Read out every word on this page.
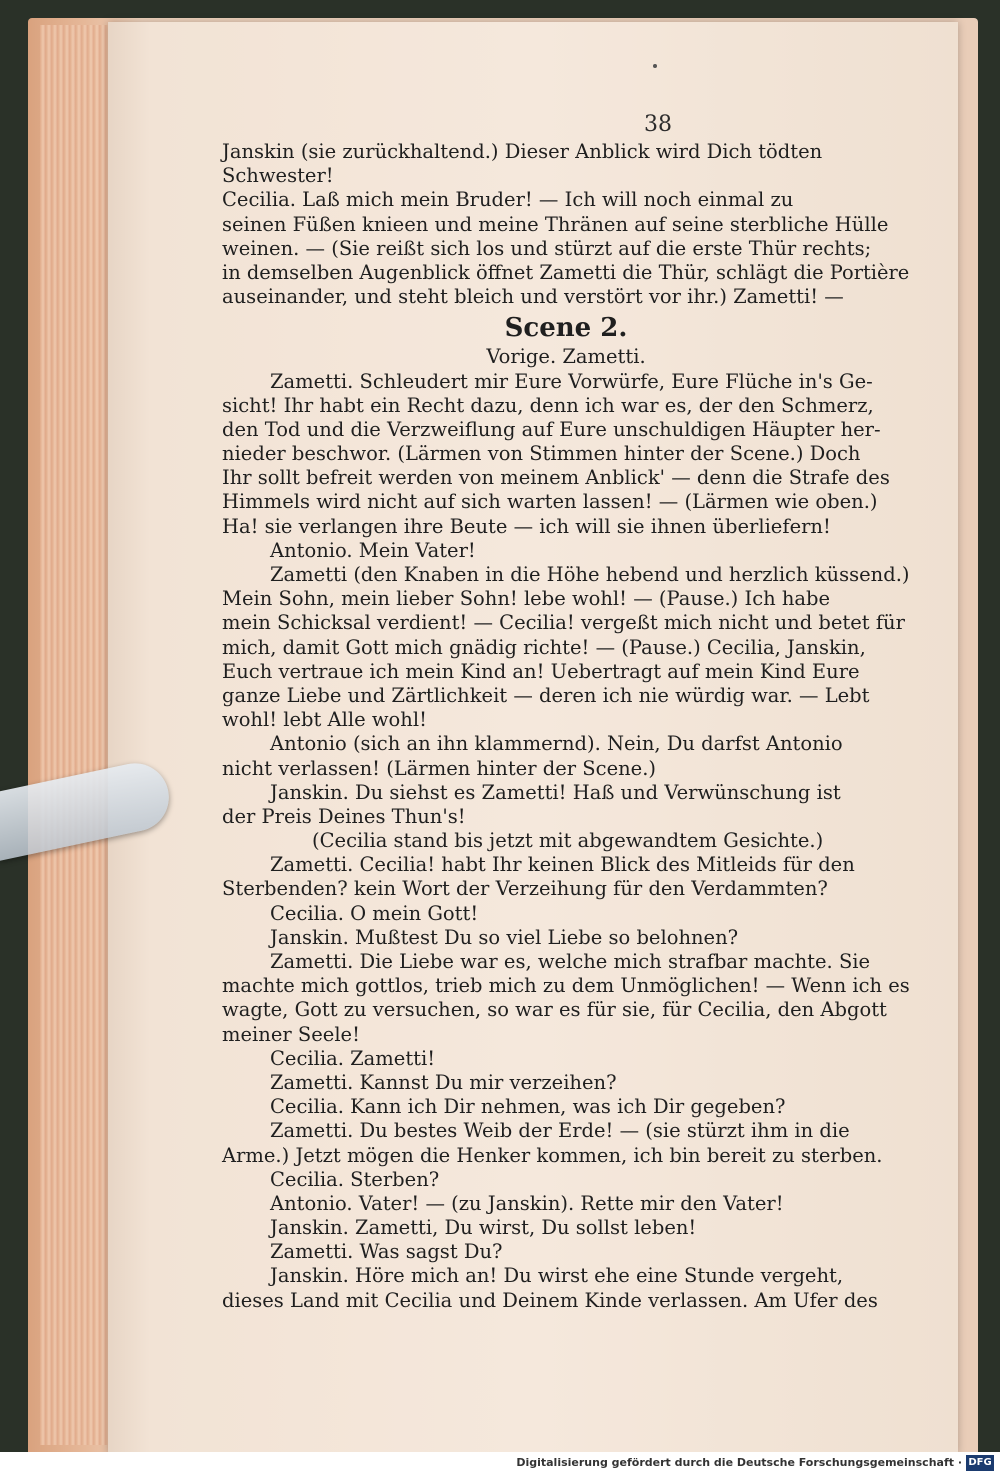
38
Janskin (sie zurückhaltend.) Dieser Anblick wird Dich tödten
Schwester!
Cecilia. Laß mich mein Bruder! — Ich will noch einmal zu
seinen Füßen knieen und meine Thränen auf seine sterbliche Hülle
weinen. — (Sie reißt sich los und stürzt auf die erste Thür rechts;
in demselben Augenblick öffnet Zametti die Thür, schlägt die Portière
auseinander, und steht bleich und verstört vor ihr.) Zametti! —
Scene 2.
Vorige. Zametti.
Zametti. Schleudert mir Eure Vorwürfe, Eure Flüche in's Ge-
sicht! Ihr habt ein Recht dazu, denn ich war es, der den Schmerz,
den Tod und die Verzweiflung auf Eure unschuldigen Häupter her-
nieder beschwor. (Lärmen von Stimmen hinter der Scene.) Doch
Ihr sollt befreit werden von meinem Anblick' — denn die Strafe des
Himmels wird nicht auf sich warten lassen! — (Lärmen wie oben.)
Ha! sie verlangen ihre Beute — ich will sie ihnen überliefern!
Antonio. Mein Vater!
Zametti (den Knaben in die Höhe hebend und herzlich küssend.)
Mein Sohn, mein lieber Sohn! lebe wohl! — (Pause.) Ich habe
mein Schicksal verdient! — Cecilia! vergeßt mich nicht und betet für
mich, damit Gott mich gnädig richte! — (Pause.) Cecilia, Janskin,
Euch vertraue ich mein Kind an! Uebertragt auf mein Kind Eure
ganze Liebe und Zärtlichkeit — deren ich nie würdig war. — Lebt
wohl! lebt Alle wohl!
Antonio (sich an ihn klammernd). Nein, Du darfst Antonio
nicht verlassen! (Lärmen hinter der Scene.)
Janskin. Du siehst es Zametti! Haß und Verwünschung ist
der Preis Deines Thun's!
(Cecilia stand bis jetzt mit abgewandtem Gesichte.)
Zametti. Cecilia! habt Ihr keinen Blick des Mitleids für den
Sterbenden? kein Wort der Verzeihung für den Verdammten?
Cecilia. O mein Gott!
Janskin. Mußtest Du so viel Liebe so belohnen?
Zametti. Die Liebe war es, welche mich strafbar machte. Sie
machte mich gottlos, trieb mich zu dem Unmöglichen! — Wenn ich es
wagte, Gott zu versuchen, so war es für sie, für Cecilia, den Abgott
meiner Seele!
Cecilia. Zametti!
Zametti. Kannst Du mir verzeihen?
Cecilia. Kann ich Dir nehmen, was ich Dir gegeben?
Zametti. Du bestes Weib der Erde! — (sie stürzt ihm in die
Arme.) Jetzt mögen die Henker kommen, ich bin bereit zu sterben.
Cecilia. Sterben?
Antonio. Vater! — (zu Janskin). Rette mir den Vater!
Janskin. Zametti, Du wirst, Du sollst leben!
Zametti. Was sagst Du?
Janskin. Höre mich an! Du wirst ehe eine Stunde vergeht,
dieses Land mit Cecilia und Deinem Kinde verlassen. Am Ufer des
Digitalisierung gefördert durch die Deutsche Forschungsgemeinschaft · DFG
